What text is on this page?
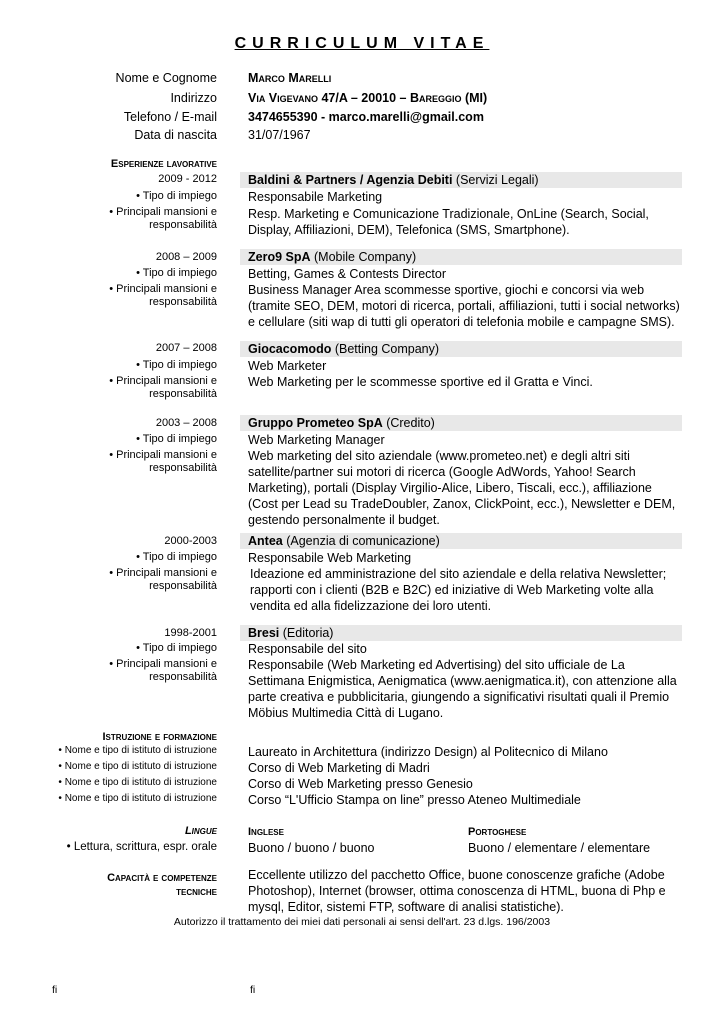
CURRICULUM VITAE
Nome e Cognome Marco Marelli
Indirizzo Via Vigevano 47/A – 20010 – Bareggio (MI)
Telefono / E-mail 3474655390 - marco.marelli@gmail.com
Data di nascita 31/07/1967
Esperienze lavorative
2009 - 2012 Baldini & Partners / Agenzia Debiti (Servizi Legali)
• Tipo di impiego Responsabile Marketing
• Principali mansioni e responsabilità
Resp. Marketing e Comunicazione Tradizionale, OnLine (Search, Social, Display, Affiliazioni, DEM), Telefonica (SMS, Smartphone).
2008 – 2009 Zero9 SpA (Mobile Company)
• Tipo di impiego Betting, Games & Contests Director
• Principali mansioni e responsabilità
Business Manager Area scommesse sportive, giochi e concorsi via web (tramite SEO, DEM, motori di ricerca, portali, affiliazioni, tutti i social networks) e cellulare (siti wap di tutti gli operatori di telefonia mobile e campagne SMS).
2007 – 2008 Giocacomodo (Betting Company)
• Tipo di impiego Web Marketer
• Principali mansioni e responsabilità
Web Marketing per le scommesse sportive ed il Gratta e Vinci.
2003 – 2008 Gruppo Prometeo SpA (Credito)
• Tipo di impiego Web Marketing Manager
• Principali mansioni e responsabilità
Web marketing del sito aziendale (www.prometeo.net) e degli altri siti satellite/partner sui motori di ricerca (Google AdWords, Yahoo! Search Marketing), portali (Display Virgilio-Alice, Libero, Tiscali, ecc.), affiliazione (Cost per Lead su TradeDoubler, Zanox, ClickPoint, ecc.), Newsletter e DEM, gestendo personalmente il budget.
2000-2003 Antea (Agenzia di comunicazione)
• Tipo di impiego Responsabile Web Marketing
• Principali mansioni e responsabilità
Ideazione ed amministrazione del sito aziendale e della relativa Newsletter; rapporti con i clienti (B2B e B2C) ed iniziative di Web Marketing volte alla vendita ed alla fidelizzazione dei loro utenti.
1998-2001 Bresi (Editoria)
• Tipo di impiego Responsabile del sito
• Principali mansioni e responsabilità
Responsabile (Web Marketing ed Advertising) del sito ufficiale de La Settimana Enigmistica, Aenigmatica (www.aenigmatica.it), con attenzione alla parte creativa e pubblicitaria, giungendo a significativi risultati quali il Premio Möbius Multimedia Città di Lugano.
Istruzione e formazione
• Nome e tipo di istituto di istruzione Laureato in Architettura (indirizzo Design) al Politecnico di Milano
• Nome e tipo di istituto di istruzione Corso di Web Marketing di Madri
• Nome e tipo di istituto di istruzione Corso di Web Marketing presso Genesio
• Nome e tipo di istituto di istruzione Corso “L'Ufficio Stampa on line” presso Ateneo Multimediale
Lingue	Inglese	Portoghese
• Lettura, scrittura, espr. orale Buono / buono / buono	Buono / elementare / elementare
Capacità e competenze
tecniche
Eccellente utilizzo del pacchetto Office, buone conoscenze grafiche (Adobe Photoshop), Internet (browser, ottima conoscenza di HTML, buona di Php e mysql, Editor, sistemi FTP, software di analisi statistiche).
Autorizzo il trattamento dei miei dati personali ai sensi dell'art. 23 d.lgs. 196/2003
fi	fi
